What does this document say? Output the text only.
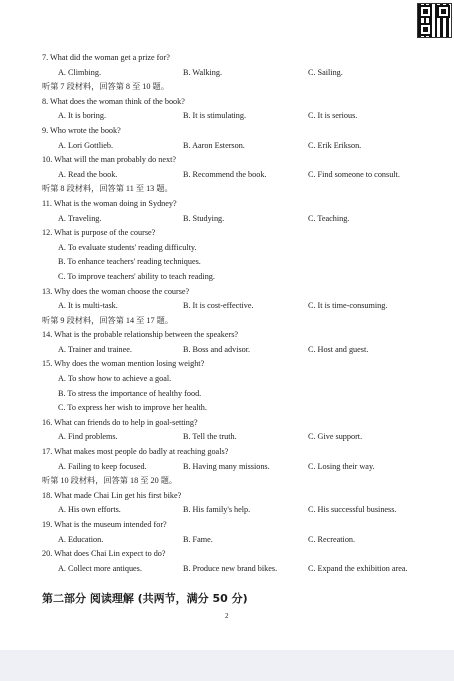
7. What did the woman get a prize for?
A. Climbing.	B. Walking.	C. Sailing.
听第 7 段材料，回答第 8 至 10 题。
8. What does the woman think of the book?
A. It is boring.	B. It is stimulating.	C. It is serious.
9. Who wrote the book?
A. Lori Gottlieb.	B. Aaron Esterson.	C. Erik Erikson.
10. What will the man probably do next?
A. Read the book.	B. Recommend the book.	C. Find someone to consult.
听第 8 段材料，回答第 11 至 13 题。
11. What is the woman doing in Sydney?
A. Traveling.	B. Studying.	C. Teaching.
12. What is purpose of the course?
A. To evaluate students' reading difficulty.
B. To enhance teachers' reading techniques.
C. To improve teachers' ability to teach reading.
13. Why does the woman choose the course?
A. It is multi-task.	B. It is cost-effective.	C. It is time-consuming.
听第 9 段材料，回答第 14 至 17 题。
14. What is the probable relationship between the speakers?
A. Trainer and trainee.	B. Boss and advisor.	C. Host and guest.
15. Why does the woman mention losing weight?
A. To show how to achieve a goal.
B. To stress the importance of healthy food.
C. To express her wish to improve her health.
16. What can friends do to help in goal-setting?
A. Find problems.	B. Tell the truth.	C. Give support.
17. What makes most people do badly at reaching goals?
A. Failing to keep focused.	B. Having many missions.	C. Losing their way.
听第 10 段材料，回答第 18 至 20 题。
18. What made Chai Lin get his first bike?
A. His own efforts.	B. His family's help.	C. His successful business.
19. What is the museum intended for?
A. Education.	B. Fame.	C. Recreation.
20. What does Chai Lin expect to do?
A. Collect more antiques.	B. Produce new brand bikes.	C. Expand the exhibition area.
第二部分 阅读理解 (共两节，满分 50 分)
2
